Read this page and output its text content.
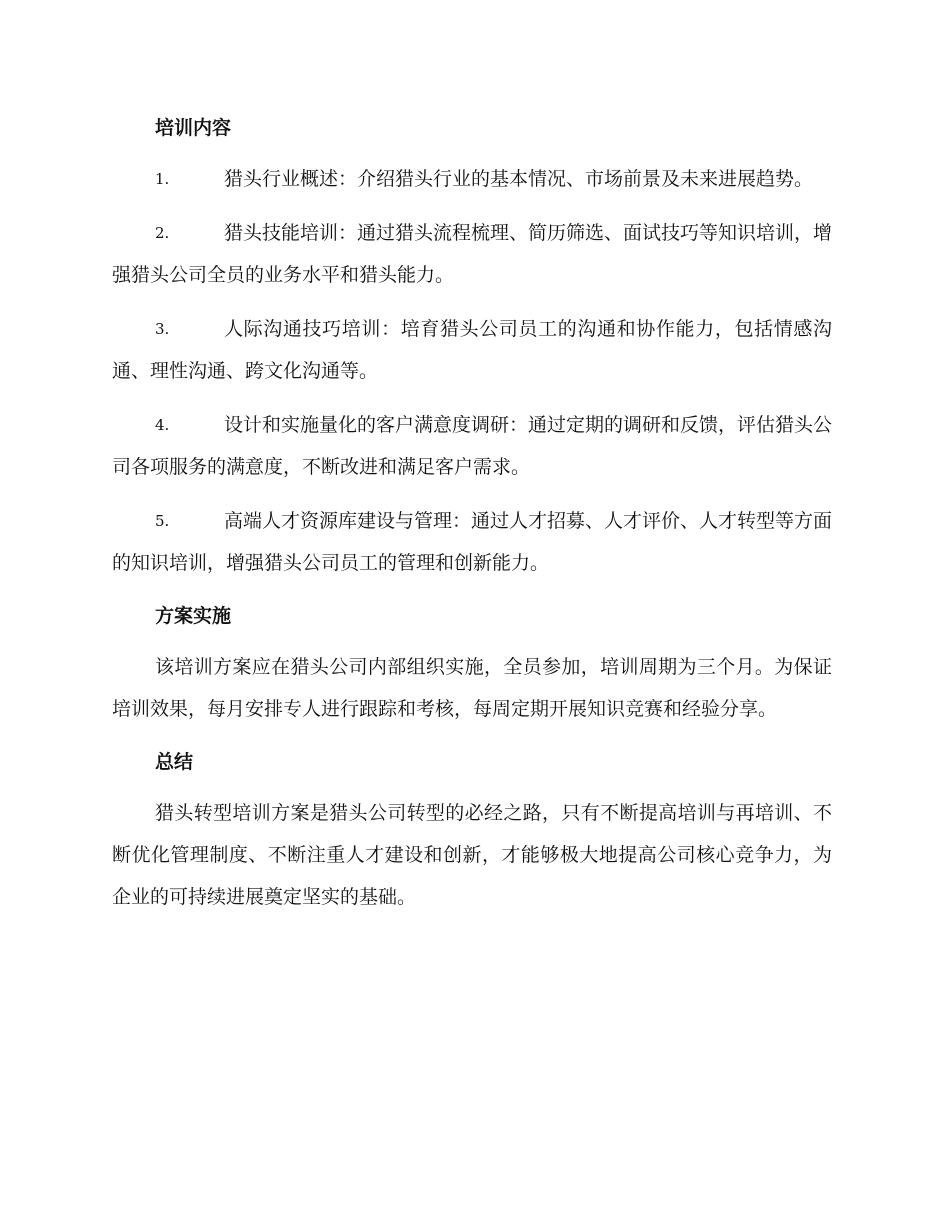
培训内容
1.	猎头行业概述：介绍猎头行业的基本情况、市场前景及未来进展趋势。
2.	猎头技能培训：通过猎头流程梳理、简历筛选、面试技巧等知识培训，增强猎头公司全员的业务水平和猎头能力。
3.	人际沟通技巧培训：培育猎头公司员工的沟通和协作能力，包括情感沟通、理性沟通、跨文化沟通等。
4.	设计和实施量化的客户满意度调研：通过定期的调研和反馈，评估猎头公司各项服务的满意度，不断改进和满足客户需求。
5.	高端人才资源库建设与管理：通过人才招募、人才评价、人才转型等方面的知识培训，增强猎头公司员工的管理和创新能力。
方案实施
该培训方案应在猎头公司内部组织实施，全员参加，培训周期为三个月。为保证培训效果，每月安排专人进行跟踪和考核，每周定期开展知识竞赛和经验分享。
总结
猎头转型培训方案是猎头公司转型的必经之路，只有不断提高培训与再培训、不断优化管理制度、不断注重人才建设和创新，才能够极大地提高公司核心竞争力，为企业的可持续进展奠定坚实的基础。
